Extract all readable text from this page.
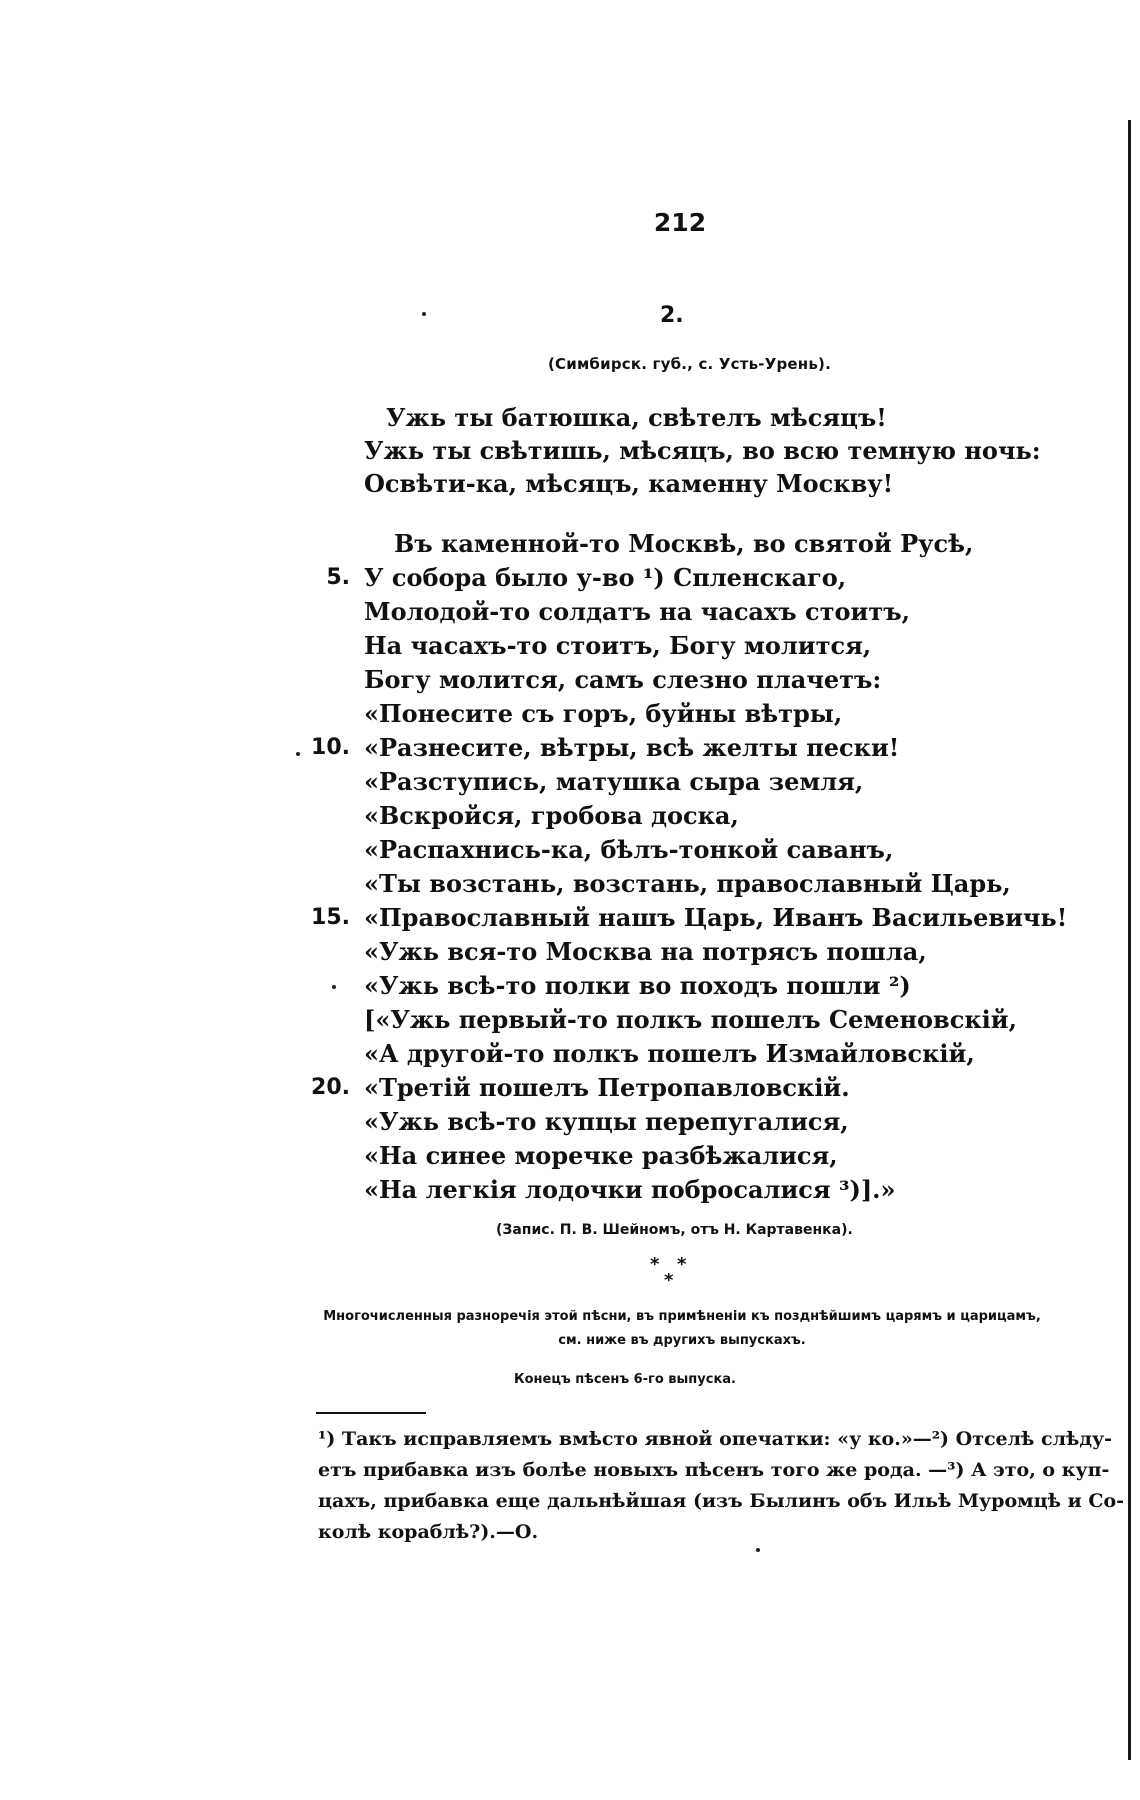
212
2.
(Симбирск. губ., с. Усть-Урень).
Ужь ты батюшка, свѣтелъ мѣсяцъ!
Ужь ты свѣтишь, мѣсяцъ, во всю темную ночь:
Освѣти-ка, мѣсяцъ, каменну Москву!
Въ каменной-то Москвѣ, во святой Русѣ,
5. У собора было у-во ¹) Спленскаго,
Молодой-то солдатъ на часахъ стоитъ,
На часахъ-то стоитъ, Богу молится,
Богу молится, самъ слезно плачетъ:
«Понесите съ горъ, буйны вѣтры,
10. «Разнесите, вѣтры, всѣ желты пески!
«Разступись, матушка сыра земля,
«Вскройся, гробова доска,
«Распахнись-ка, бѣлъ-тонкой саванъ,
«Ты возстань, возстань, православный Царь,
15. «Православный нашъ Царь, Иванъ Васильевичь!
«Ужь вся-то Москва на потрясъ пошла,
«Ужь всѣ-то полки во походъ пошли ²)
[«Ужь первый-то полкъ пошелъ Семеновскій,
«А другой-то полкъ пошелъ Измайловскій,
20. «Третій пошелъ Петропавловскій.
«Ужь всѣ-то купцы перепугалися,
«На синее моречке разбѣжалися,
«На легкія лодочки побросалися ³)].»
(Запис. П. В. Шейномъ, отъ Н. Картавенка).
* *
*
Многочисленныя разноречія этой пѣсни, въ примѣненіи къ позднѣйшимъ царямъ и царицамъ, см. ниже въ другихъ выпускахъ.
Конецъ пѣсенъ 6-го выпуска.
¹) Такъ исправляемъ вмѣсто явной опечатки: «у ко.»—²) Отселѣ слѣду-
етъ прибавка изъ болѣе новыхъ пѣсенъ того же рода. —³) А это, о куп-
цахъ, прибавка еще дальнѣйшая (изъ Былинъ объ Ильѣ Муромцѣ и Со-
колѣ кораблѣ?).—О.
